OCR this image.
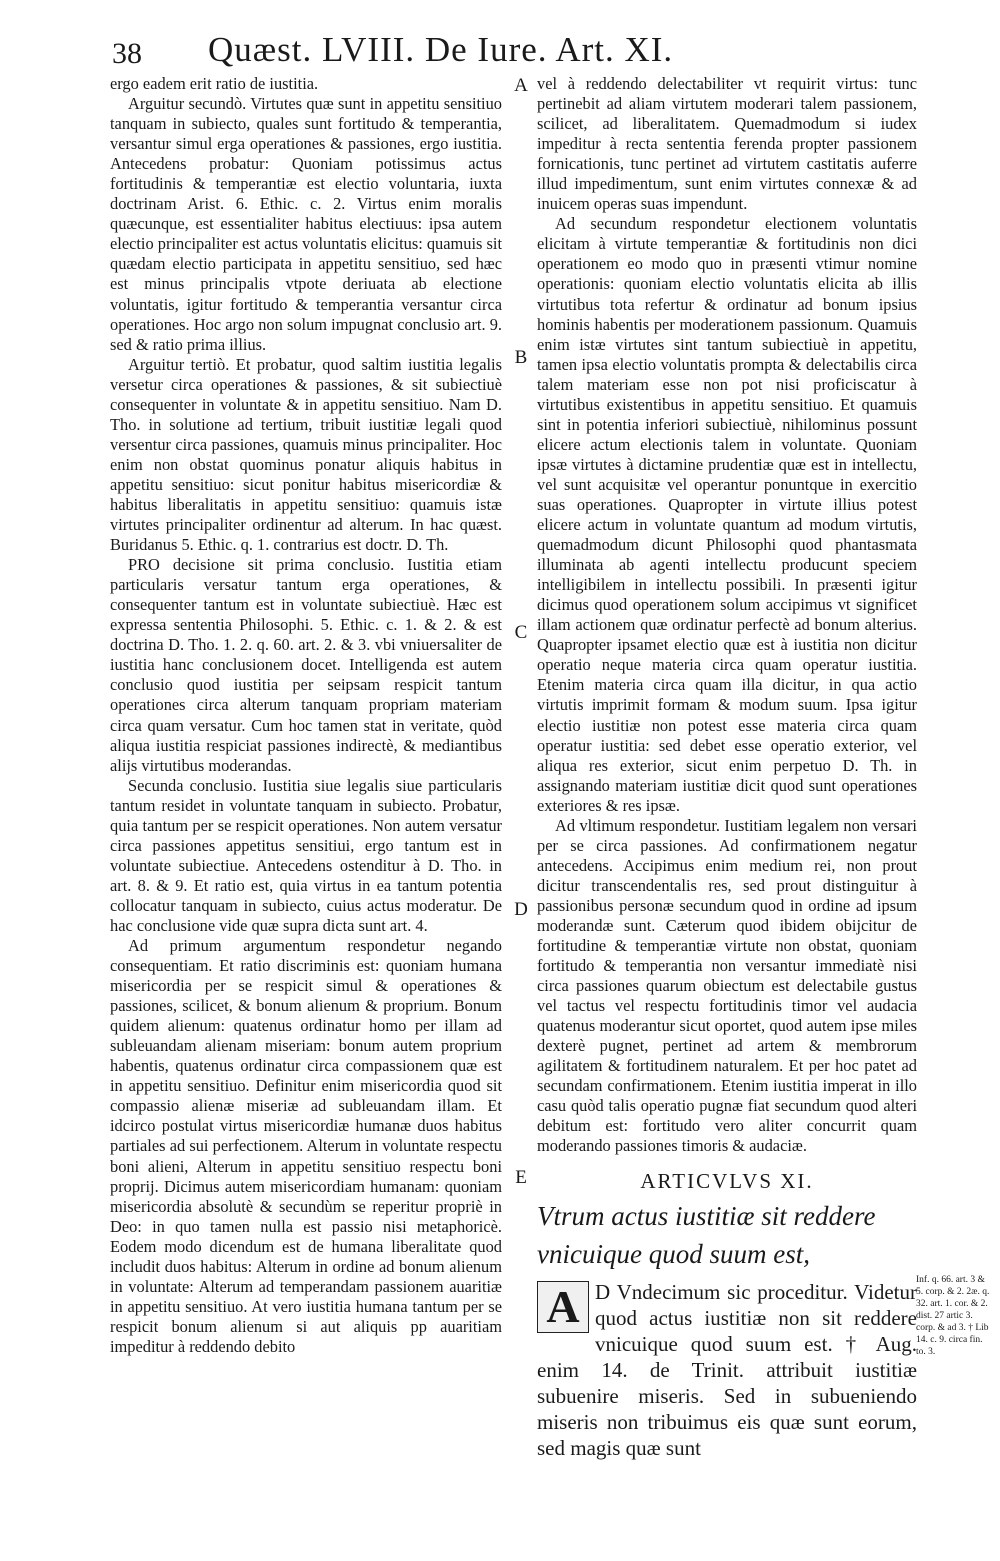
38 Quæst. LVIII. De Iure. Art. XI.

ergo eadem erit ratio de iustitia.

Arguitur secundò. Virtutes quæ sunt in appetitu sensitiuo tanquam in subiecto, quales sunt fortitudo & temperantia, versantur simul erga operationes & passiones, ergo iustitia. Antecedens probatur: Quoniam potissimus actus fortitudinis & temperantiæ est electio voluntaria, iuxta doctrinam Arist. 6. Ethic. c. 2. Virtus enim moralis quæcunque, est essentialiter habitus electiuus: ipsa autem electio principaliter est actus voluntatis elicitus: quamuis sit quædam electio participata in appetitu sensitiuo, sed hæc est minus principalis vtpote deriuata ab electione voluntatis, igitur fortitudo & temperantia versantur circa operationes. Hoc argo non solum impugnat conclusio art. 9. sed & ratio prima illius.

Arguitur tertiò. Et probatur, quod saltim iustitia legalis versetur circa operationes & passiones, & sit subiectiuè consequenter in voluntate & in appetitu sensitiuo. Nam D. Tho. in solutione ad tertium, tribuit iustitiæ legali quod versentur circa passiones, quamuis minus principaliter. Hoc enim non obstat quominus ponatur aliquis habitus in appetitu sensitiuo: sicut ponitur habitus misericordiæ & habitus liberalitatis in appetitu sensitiuo: quamuis istæ virtutes principaliter ordinentur ad alterum. In hac quæst. Buridanus 5. Ethic. q. 1. contrarius est doctr. D. Th.

PRO decisione sit prima conclusio. Iustitia etiam particularis versatur tantum erga operationes, & consequenter tantum est in voluntate subiectiuè. Hæc est expressa sententia Philosophi. 5. Ethic. c. 1. & 2. & est doctrina D. Tho. 1. 2. q. 60. art. 2. & 3. vbi vniuersaliter de iustitia hanc conclusionem docet. Intelligenda est autem conclusio quod iustitia per seipsam respicit tantum operationes circa alterum tanquam propriam materiam circa quam versatur. Cum hoc tamen stat in veritate, quòd aliqua iustitia respiciat passiones indirectè, & mediantibus alijs virtutibus moderandas.

Secunda conclusio. Iustitia siue legalis siue particularis tantum residet in voluntate tanquam in subiecto. Probatur, quia tantum per se respicit operationes. Non autem versatur circa passiones appetitus sensitiui, ergo tantum est in voluntate subiectiue. Antecedens ostenditur à D. Tho. in art. 8. & 9. Et ratio est, quia virtus in ea tantum potentia collocatur tanquam in subiecto, cuius actus moderatur. De hac conclusione vide quæ supra dicta sunt art. 4.

Ad primum argumentum respondetur negando consequentiam. Et ratio discriminis est: quoniam humana misericordia per se respicit simul & operationes & passiones, scilicet, & bonum alienum & proprium. Bonum quidem alienum: quatenus ordinatur homo per illam ad subleuandam alienam miseriam: bonum autem proprium habentis, quatenus ordinatur circa compassionem quæ est in appetitu sensitiuo. Definitur enim misericordia quod sit compassio alienæ miseriæ ad subleuandam illam. Et idcirco postulat virtus misericordiæ humanæ duos habitus partiales ad sui perfectionem. Alterum in voluntate respectu boni alieni, Alterum in appetitu sensitiuo respectu boni proprij. Dicimus autem misericordiam humanam: quoniam misericordia absolutè & secundùm se reperitur propriè in Deo: in quo tamen nulla est passio nisi metaphoricè. Eodem modo dicendum est de humana liberalitate quod includit duos habitus: Alterum in ordine ad bonum alienum in voluntate: Alterum ad temperandam passionem auaritiæ in appetitu sensitiuo. At vero iustitia humana tantum per se respicit bonum alienum si aut aliquis pp auaritiam impeditur à reddendo debito

A
B
C
D
E

vel à reddendo delectabiliter vt requirit virtus: tunc pertinebit ad aliam virtutem moderari talem passionem, scilicet, ad liberalitatem. Quemadmodum si iudex impeditur à recta sententia ferenda propter passionem fornicationis, tunc pertinet ad virtutem castitatis auferre illud impedimentum, sunt enim virtutes connexæ & ad inuicem operas suas impendunt.

Ad secundum respondetur electionem voluntatis elicitam à virtute temperantiæ & fortitudinis non dici operationem eo modo quo in præsenti vtimur nomine operationis: quoniam electio voluntatis elicita ab illis virtutibus tota refertur & ordinatur ad bonum ipsius hominis habentis per moderationem passionum. Quamuis enim istæ virtutes sint tantum subiectiuè in appetitu, tamen ipsa electio voluntatis prompta & delectabilis circa talem materiam esse non pot nisi proficiscatur à virtutibus existentibus in appetitu sensitiuo. Et quamuis sint in potentia inferiori subiectiuè, nihilominus possunt elicere actum electionis talem in voluntate. Quoniam ipsæ virtutes à dictamine prudentiæ quæ est in intellectu, vel sunt acquisitæ vel operantur ponuntque in exercitio suas operationes. Quapropter in virtute illius potest elicere actum in voluntate quantum ad modum virtutis, quemadmodum dicunt Philosophi quod phantasmata illuminata ab agenti intellectu producunt speciem intelligibilem in intellectu possibili. In præsenti igitur dicimus quod operationem solum accipimus vt significet illam actionem quæ ordinatur perfectè ad bonum alterius. Quapropter ipsamet electio quæ est à iustitia non dicitur operatio neque materia circa quam operatur iustitia. Etenim materia circa quam illa dicitur, in qua actio virtutis imprimit formam & modum suum. Ipsa igitur electio iustitiæ non potest esse materia circa quam operatur iustitia: sed debet esse operatio exterior, vel aliqua res exterior, sicut enim perpetuo D. Th. in assignando materiam iustitiæ dicit quod sunt operationes exteriores & res ipsæ.

Ad vltimum respondetur. Iustitiam legalem non versari per se circa passiones. Ad confirmationem negatur antecedens. Accipimus enim medium rei, non prout dicitur transcendentalis res, sed prout distinguitur à passionibus personæ secundum quod in ordine ad ipsum moderandæ sunt. Cæterum quod ibidem obijcitur de fortitudine & temperantiæ virtute non obstat, quoniam fortitudo & temperantia non versantur immediatè nisi circa passiones quarum obiectum est delectabile gustus vel tactus vel respectu fortitudinis timor vel audacia quatenus moderantur sicut oportet, quod autem ipse miles dexterè pugnet, pertinet ad artem & membrorum agilitatem & fortitudinem naturalem. Et per hoc patet ad secundam confirmationem. Etenim iustitia imperat in illo casu quòd talis operatio pugnæ fiat secundum quod alteri debitum est: fortitudo vero aliter concurrit quam moderando passiones timoris & audaciæ.

ARTICVLVS XI.
Vtrum actus iustitiæ sit reddere vnicuique quod suum est,
A D Vndecimum sic proceditur. Videtur quod actus iustitiæ non sit reddere vnicuique quod suum est. † Aug. enim 14. de Trinit. attribuit iustitiæ subuenire miseris. Sed in subueniendo miseris non tribuimus eis quæ sunt eorum, sed magis quæ sunt
Inf. q. 66. art. 3 & 5. corp. & 2. 2æ. q. 32. art. 1. cor. & 2. dist. 27 artic 3. corp. & ad 3. † Lib 14. c. 9. circa fin. to. 3.
